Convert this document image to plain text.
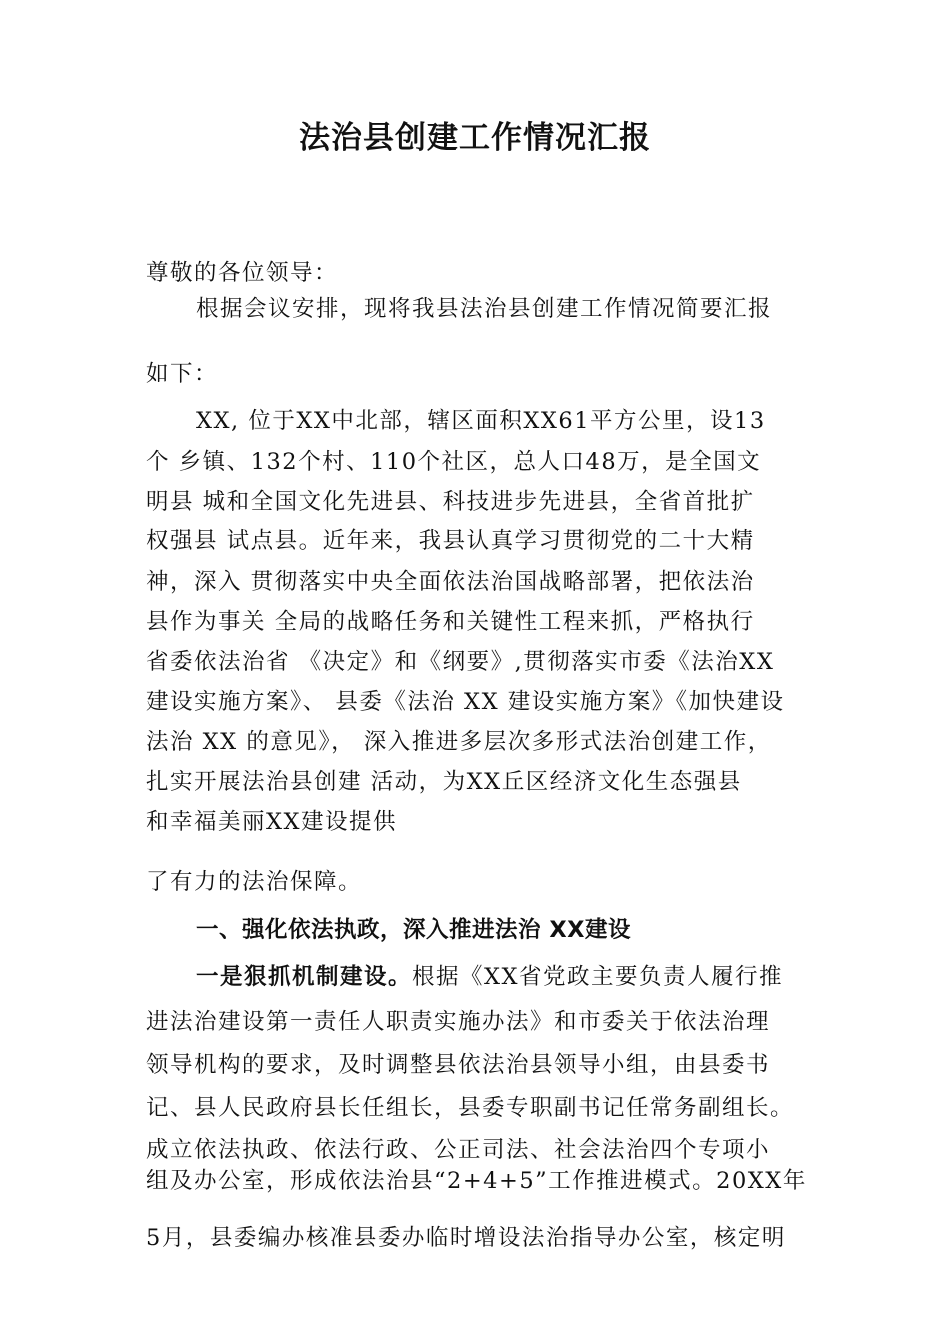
法治县创建工作情况汇报
尊敬的各位领导：
根据会议安排，现将我县法治县创建工作情况简要汇报
如下：
XX, 位于XX中北部，辖区面积XX61平方公里，设13
个 乡镇、132个村、110个社区，总人口48万，是全国文
明县 城和全国文化先进县、科技进步先进县，全省首批扩
权强县 试点县。近年来，我县认真学习贯彻党的二十大精
神，深入 贯彻落实中央全面依法治国战略部署，把依法治
县作为事关 全局的战略任务和关键性工程来抓，严格执行
省委依法治省 《决定》和《纲要》,贯彻落实市委《法治XX
建设实施方案》、 县委《法治 XX 建设实施方案》《加快建设
法治 XX 的意见》， 深入推进多层次多形式法治创建工作，
扎实开展法治县创建 活动，为XX丘区经济文化生态强县
和幸福美丽XX建设提供
了有力的法治保障。
一、强化依法执政，深入推进法治 XX建设
一是狠抓机制建设。根据《XX省党政主要负责人履行推
进法治建设第一责任人职责实施办法》和市委关于依法治理
领导机构的要求，及时调整县依法治县领导小组，由县委书
记、县人民政府县长任组长，县委专职副书记任常务副组长。
成立依法执政、依法行政、公正司法、社会法治四个专项小
组及办公室，形成依法治县“2+4+5”工作推进模式。20XX年
5月，县委编办核准县委办临时增设法治指导办公室，核定明
